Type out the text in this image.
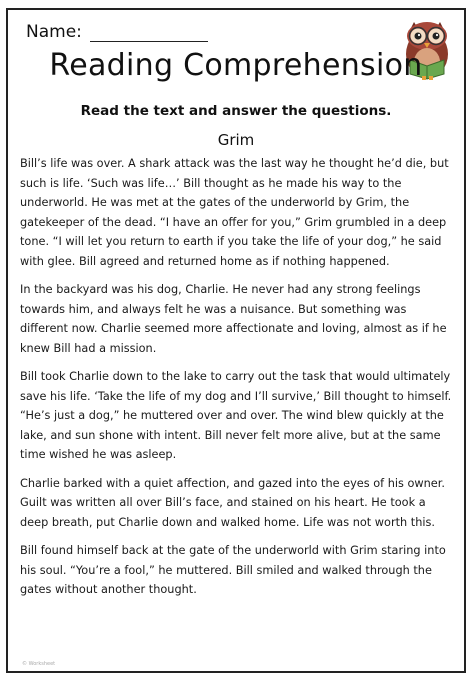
Name:
Reading Comprehension
Read the text and answer the questions.
Grim

Bill’s life was over. A shark attack was the last way he thought he’d die, but such is life. ‘Such was life…’ Bill thought as he made his way to the underworld. He was met at the gates of the underworld by Grim, the gatekeeper of the dead. “I have an offer for you,” Grim grumbled in a deep tone. “I will let you return to earth if you take the life of your dog,” he said with glee. Bill agreed and returned home as if nothing happened.

In the backyard was his dog, Charlie. He never had any strong feelings towards him, and always felt he was a nuisance. But something was different now. Charlie seemed more affectionate and loving, almost as if he knew Bill had a mission.

Bill took Charlie down to the lake to carry out the task that would ultimately save his life. ‘Take the life of my dog and I’ll survive,’ Bill thought to himself. “He’s just a dog,” he muttered over and over. The wind blew quickly at the lake, and sun shone with intent. Bill never felt more alive, but at the same time wished he was asleep.

Charlie barked with a quiet affection, and gazed into the eyes of his owner. Guilt was written all over Bill’s face, and stained on his heart. He took a deep breath, put Charlie down and walked home. Life was not worth this.

Bill found himself back at the gate of the underworld with Grim staring into his soul. “You’re a fool,” he muttered. Bill smiled and walked through the gates without another thought.

© Worksheet
